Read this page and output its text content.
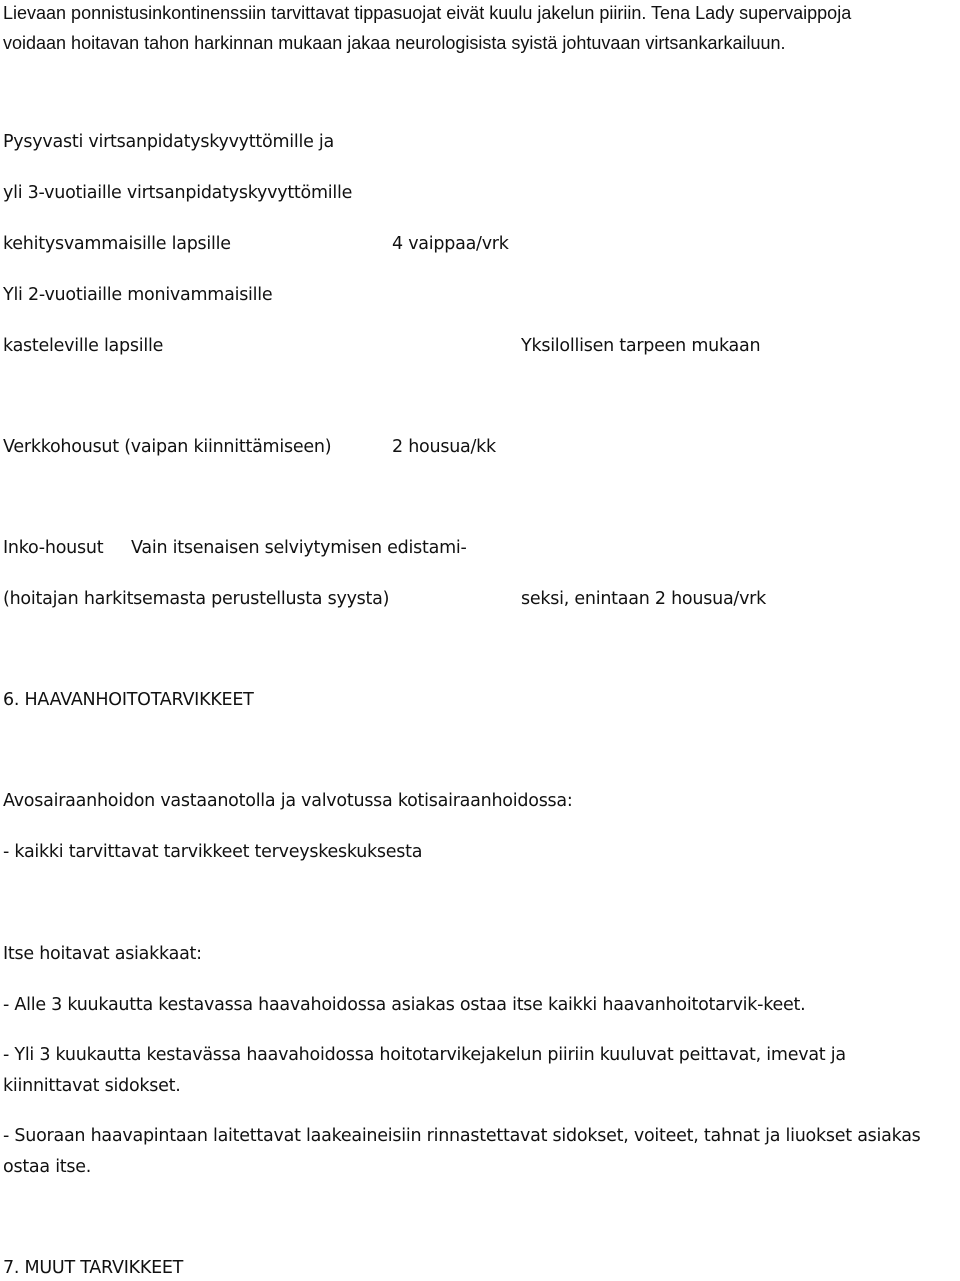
Lievaan ponnistusinkontinenssiin tarvittavat tippasuojat eivät kuulu jakelun piiriin. Tena Lady supervaippoja
voidaan hoitavan tahon harkinnan mukaan jakaa neurologisista syistä johtuvaan virtsankarkailuun.
Pysyvasti virtsanpidatyskyvyttömille ja
yli 3-vuotiaille virtsanpidatyskyvyttömille
kehitysvammaisille lapsille	4 vaippaa/vrk
Yli 2-vuotiaille monivammaisille
kasteleville lapsille	Yksilollisen tarpeen mukaan
Verkkohousut (vaipan kiinnittämiseen)	2 housua/kk
Inko-housut Vain itsenaisen selviytymisen edistami-
(hoitajan harkitsemasta perustellusta syysta)	seksi, enintaan 2 housua/vrk
6. HAAVANHOITOTARVIKKEET
Avosairaanhoidon vastaanotolla ja valvotussa kotisairaanhoidossa:
- kaikki tarvittavat tarvikkeet terveyskeskuksesta
Itse hoitavat asiakkaat:
- Alle 3 kuukautta kestavassa haavahoidossa asiakas ostaa itse kaikki haavanhoitotarvik-keet.
- Yli 3 kuukautta kestavässa haavahoidossa hoitotarvikejakelun piiriin kuuluvat peittavat, imevat ja
kiinnittavat sidokset.
- Suoraan haavapintaan laitettavat laakeaineisiin rinnastettavat sidokset, voiteet, tahnat ja liuokset asiakas
ostaa itse.
7. MUUT TARVIKKEET
